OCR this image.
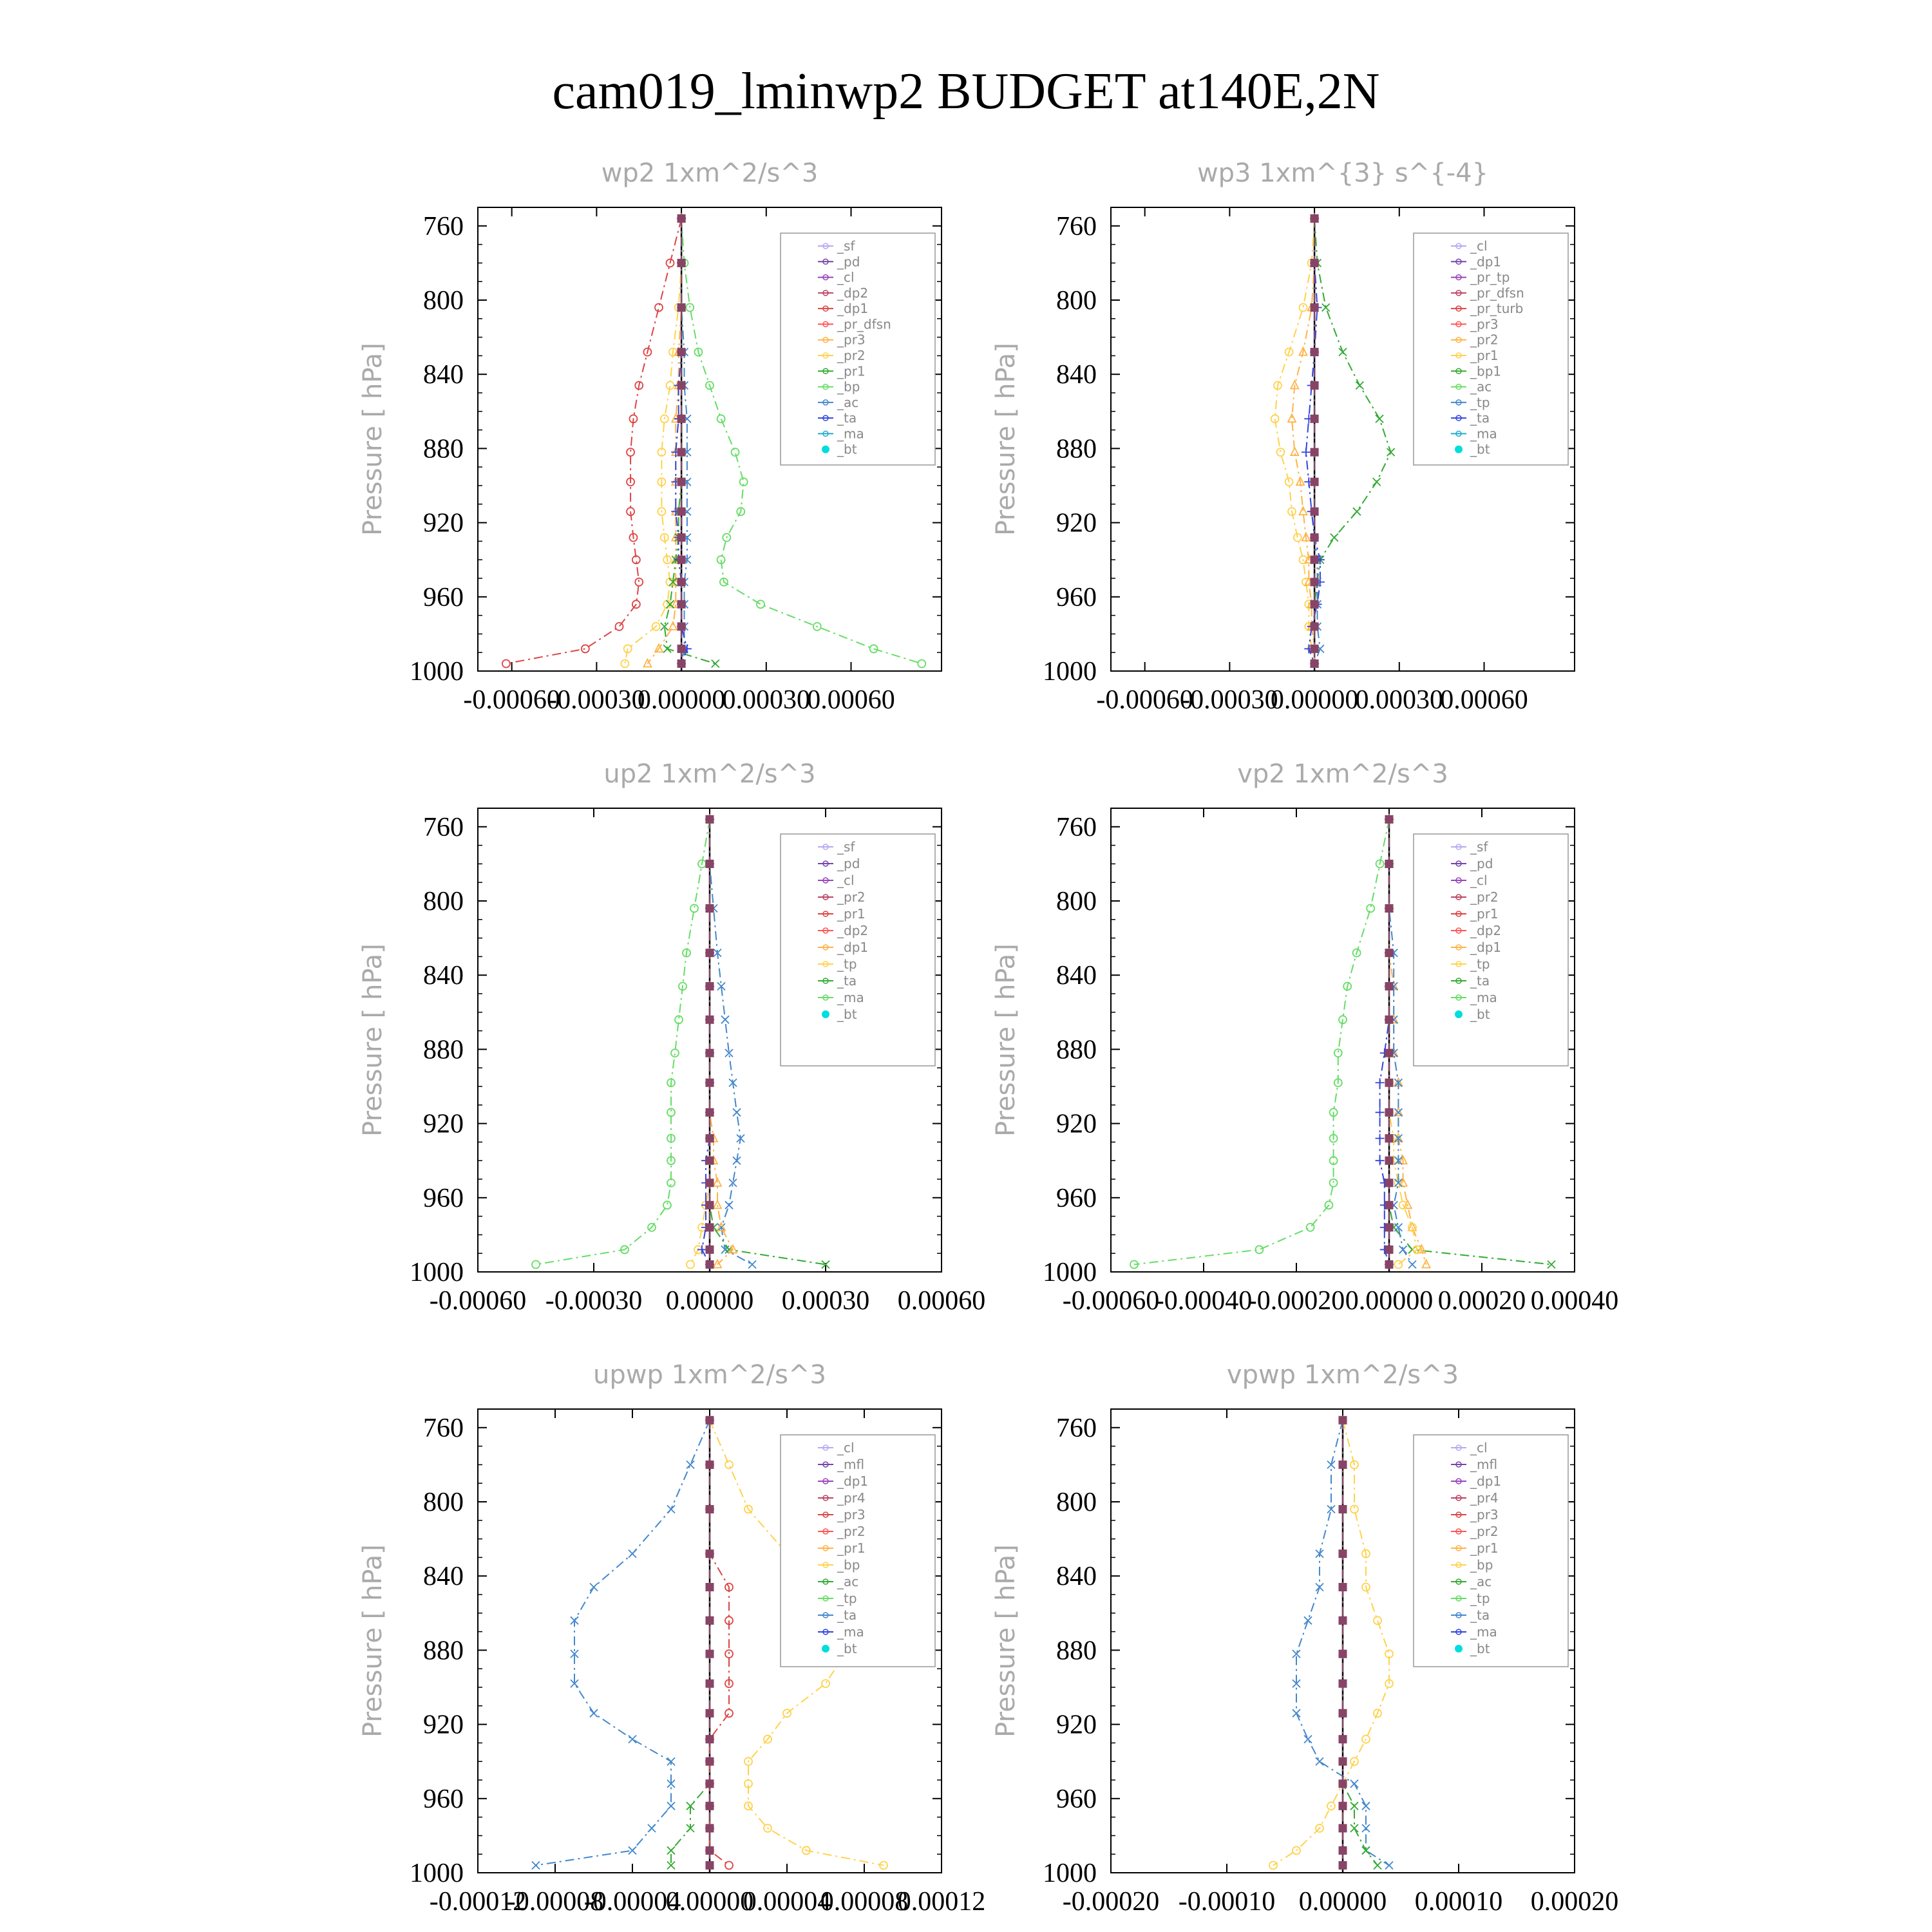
cam019_lminwp2 BUDGET at140E,2N
wp2 1xm^2/s^3
760
800
840
880
920
960
1000
Pressure [ hPa]
-0.00060
-0.00030
0.00000
0.00030
0.00060
_sf
_pd
_cl
_dp2
_dp1
_pr_dfsn
_pr3
_pr2
_pr1
_bp
_ac
_ta
_ma
_bt
wp3 1xm^{3} s^{-4}
760
800
840
880
920
960
1000
Pressure [ hPa]
-0.00060
-0.00030
0.00000
0.00030
0.00060
_cl
_dp1
_pr_tp
_pr_dfsn
_pr_turb
_pr3
_pr2
_pr1
_bp1
_ac
_tp
_ta
_ma
_bt
up2 1xm^2/s^3
760
800
840
880
920
960
1000
Pressure [ hPa]
-0.00060 -0.00030 0.00000 0.00030 0.00060
_sf
_pd
_cl
_pr2
_pr1
_dp2
_dp1
_tp
_ta
_ma
_bt
vp2 1xm^2/s^3
760
800
840
880
920
960
1000
Pressure [ hPa]
-0.00060
-0.00040
-0.00020 0.00000 0.00020 0.00040
_sf
_pd
_cl
_pr2
_pr1
_dp2
_dp1
_tp
_ta
_ma
_bt
upwp 1xm^2/s^3
760
800
840
880
920
960
1000
Pressure [ hPa]
-0.00012
-0.00008
-0.00004
0.00000
0.00004
0.00008
0.00012
_cl
_mfl
_dp1
_pr4
_pr3
_pr2
_pr1
_bp
_ac
_tp
_ta
_ma
_bt
vpwp 1xm^2/s^3
760
800
840
880
920
960
1000
Pressure [ hPa]
-0.00020 -0.00010 0.00000 0.00010 0.00020
_cl
_mfl
_dp1
_pr4
_pr3
_pr2
_pr1
_bp
_ac
_tp
_ta
_ma
_bt
